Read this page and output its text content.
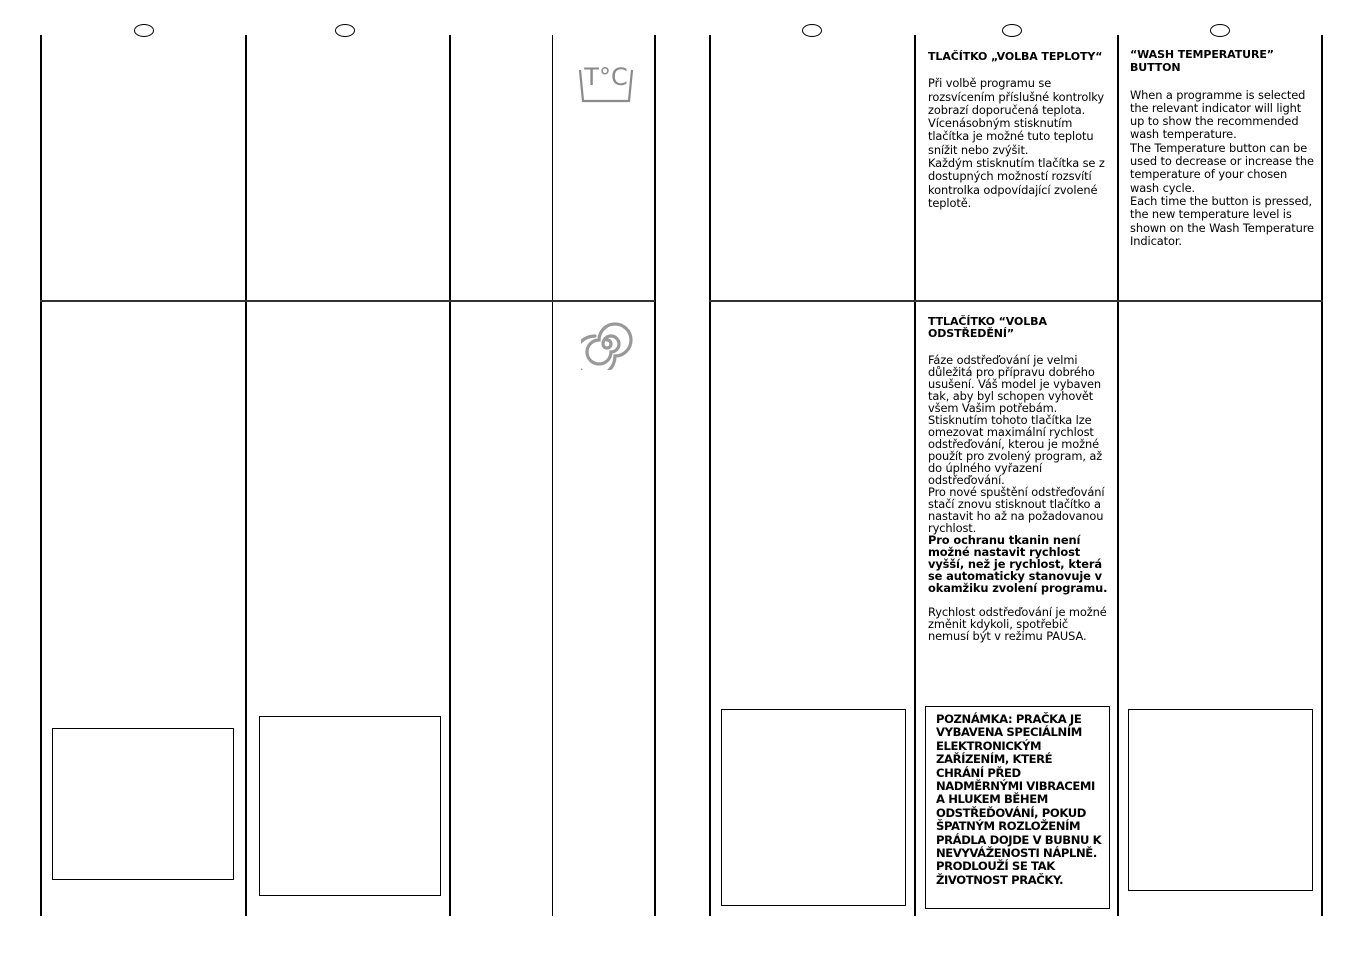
T°C

TLAČÍTKO „VOLBA TEPLOTY“

Při volbě programu se rozsvícením příslušné kontrolky zobrazí doporučená teplota.

Vícenásobným stisknutím tlačítka je možné tuto teplotu snížit nebo zvýšit.

Každým stisknutím tlačítka se z dostupných možností rozsvítí kontrolka odpovídající zvolené teplotě.

“WASH TEMPERATURE” BUTTON

When a programme is selected the relevant indicator will light up to show the recommended wash temperature.

The Temperature button can be used to decrease or increase the temperature of your chosen wash cycle.

Each time the button is pressed, the new temperature level is shown on the Wash Temperature Indicator.

TTLAČÍTKO “VOLBA ODSTŘEDĚNÍ”

Fáze odstřeďování je velmi důležitá pro přípravu dobrého usušení. Váš model je vybaven tak, aby byl schopen vyhovět všem Vašim potřebám.

Stisknutím tohoto tlačítka lze omezovat maximální rychlost odstřeďování, kterou je možné použít pro zvolený program, až do úplného vyřazení odstřeďování.

Pro nové spuštění odstřeďování stačí znovu stisknout tlačítko a nastavit ho až na požadovanou rychlost.

Pro ochranu tkanin není možné nastavit rychlost vyšší, než je rychlost, která se automaticky stanovuje v okamžiku zvolení programu.

Rychlost odstřeďování je možné změnit kdykoli, spotřebič nemusí být v režimu PAUSA.

POZNÁMKA: PRAČKA JE VYBAVENA SPECIÁLNÍM ELEKTRONICKÝM ZAŘÍZENÍM, KTERÉ CHRÁNÍ PŘED NADMĚRNÝMI VIBRACEMI A HLUKEM BĚHEM ODSTŘEĎOVÁNÍ, POKUD ŠPATNÝM ROZLOŽENÍM PRÁDLA DOJDE V BUBNU K NEVYVÁŽENOSTI NÁPLNĚ. PRODLOUŽÍ SE TAK ŽIVOTNOST PRAČKY.
